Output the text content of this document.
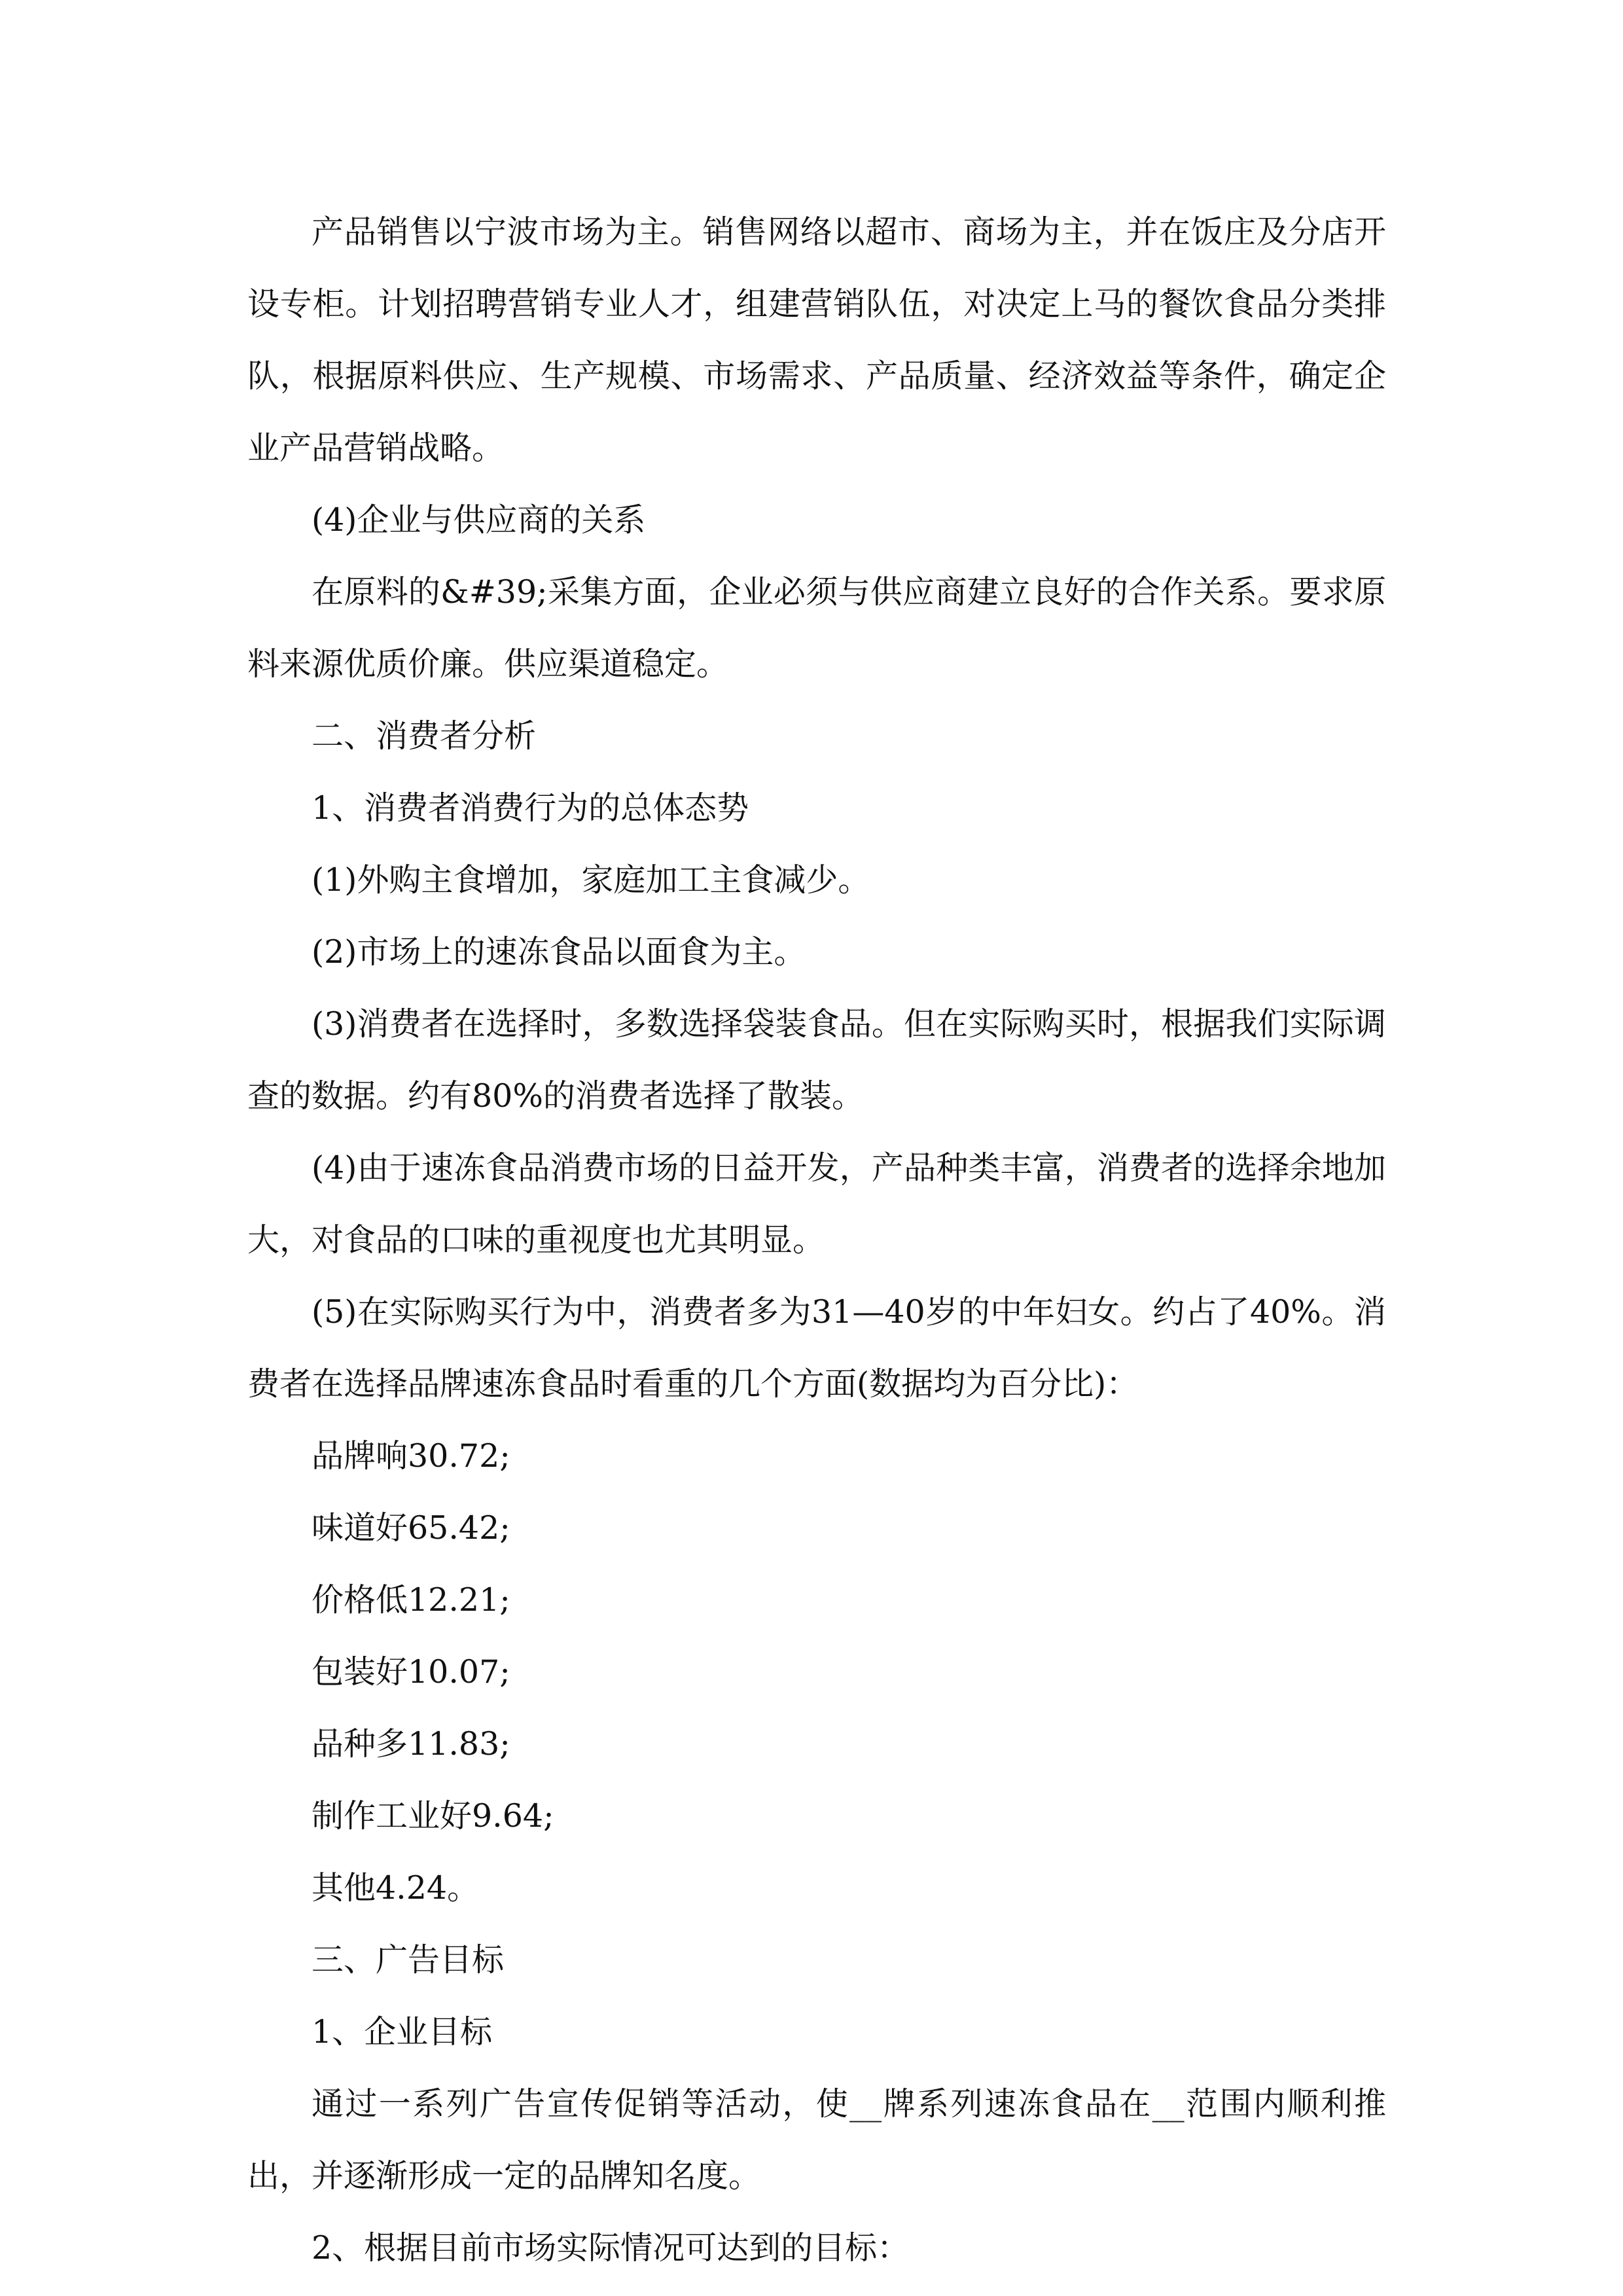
产品销售以宁波市场为主。销售网络以超市、商场为主，并在饭庄及分店开设专柜。计划招聘营销专业人才，组建营销队伍，对决定上马的餐饮食品分类排队，根据原料供应、生产规模、市场需求、产品质量、经济效益等条件，确定企业产品营销战略。

(4)企业与供应商的关系

在原料的&#39;采集方面，企业必须与供应商建立良好的合作关系。要求原料来源优质价廉。供应渠道稳定。

二、消费者分析

1、消费者消费行为的总体态势

(1)外购主食增加，家庭加工主食减少。

(2)市场上的速冻食品以面食为主。

(3)消费者在选择时，多数选择袋装食品。但在实际购买时，根据我们实际调查的数据。约有80%的消费者选择了散装。

(4)由于速冻食品消费市场的日益开发，产品种类丰富，消费者的选择余地加大，对食品的口味的重视度也尤其明显。

(5)在实际购买行为中，消费者多为31—40岁的中年妇女。约占了40%。消费者在选择品牌速冻食品时看重的几个方面(数据均为百分比)：

品牌响30.72;

味道好65.42;

价格低12.21;

包装好10.07;

品种多11.83;

制作工业好9.64;

其他4.24。

三、广告目标

1、企业目标

通过一系列广告宣传促销等活动，使__牌系列速冻食品在__范围内顺利推出，并逐渐形成一定的品牌知名度。

2、根据目前市场实际情况可达到的目标：
